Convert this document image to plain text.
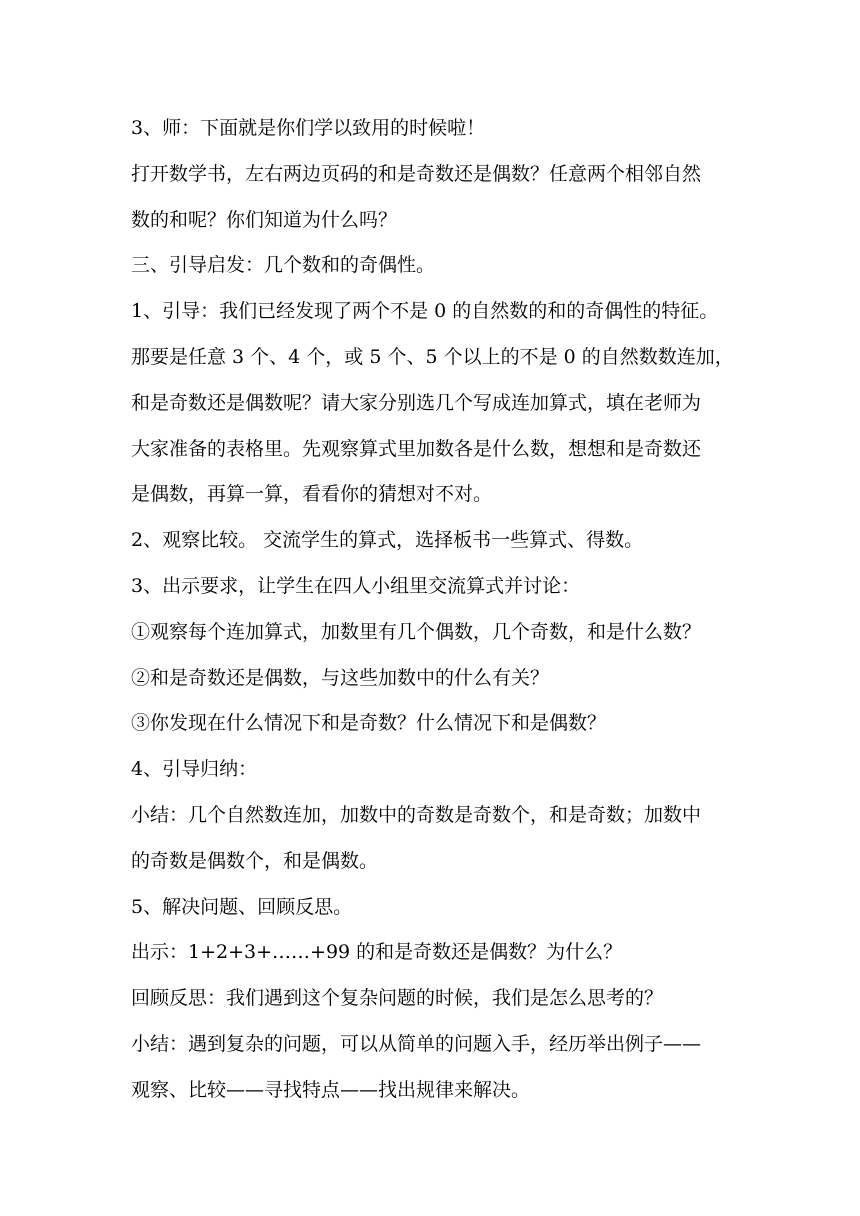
3、师：下面就是你们学以致用的时候啦！
打开数学书，左右两边页码的和是奇数还是偶数？任意两个相邻自然
数的和呢？你们知道为什么吗？
三、引导启发：几个数和的奇偶性。
1、引导：我们已经发现了两个不是 0 的自然数的和的奇偶性的特征。
那要是任意 3 个、4 个，或 5 个、5 个以上的不是 0 的自然数数连加，
和是奇数还是偶数呢？请大家分别选几个写成连加算式，填在老师为
大家准备的表格里。先观察算式里加数各是什么数，想想和是奇数还
是偶数，再算一算，看看你的猜想对不对。
2、观察比较。 交流学生的算式，选择板书一些算式、得数。
3、出示要求，让学生在四人小组里交流算式并讨论：
①观察每个连加算式，加数里有几个偶数，几个奇数，和是什么数？
②和是奇数还是偶数，与这些加数中的什么有关？
③你发现在什么情况下和是奇数？什么情况下和是偶数？
4、引导归纳：
小结：几个自然数连加，加数中的奇数是奇数个，和是奇数；加数中
的奇数是偶数个，和是偶数。
5、解决问题、回顾反思。
出示：1+2+3+……+99 的和是奇数还是偶数？为什么？
回顾反思：我们遇到这个复杂问题的时候，我们是怎么思考的？
小结：遇到复杂的问题，可以从简单的问题入手，经历举出例子——
观察、比较——寻找特点——找出规律来解决。
